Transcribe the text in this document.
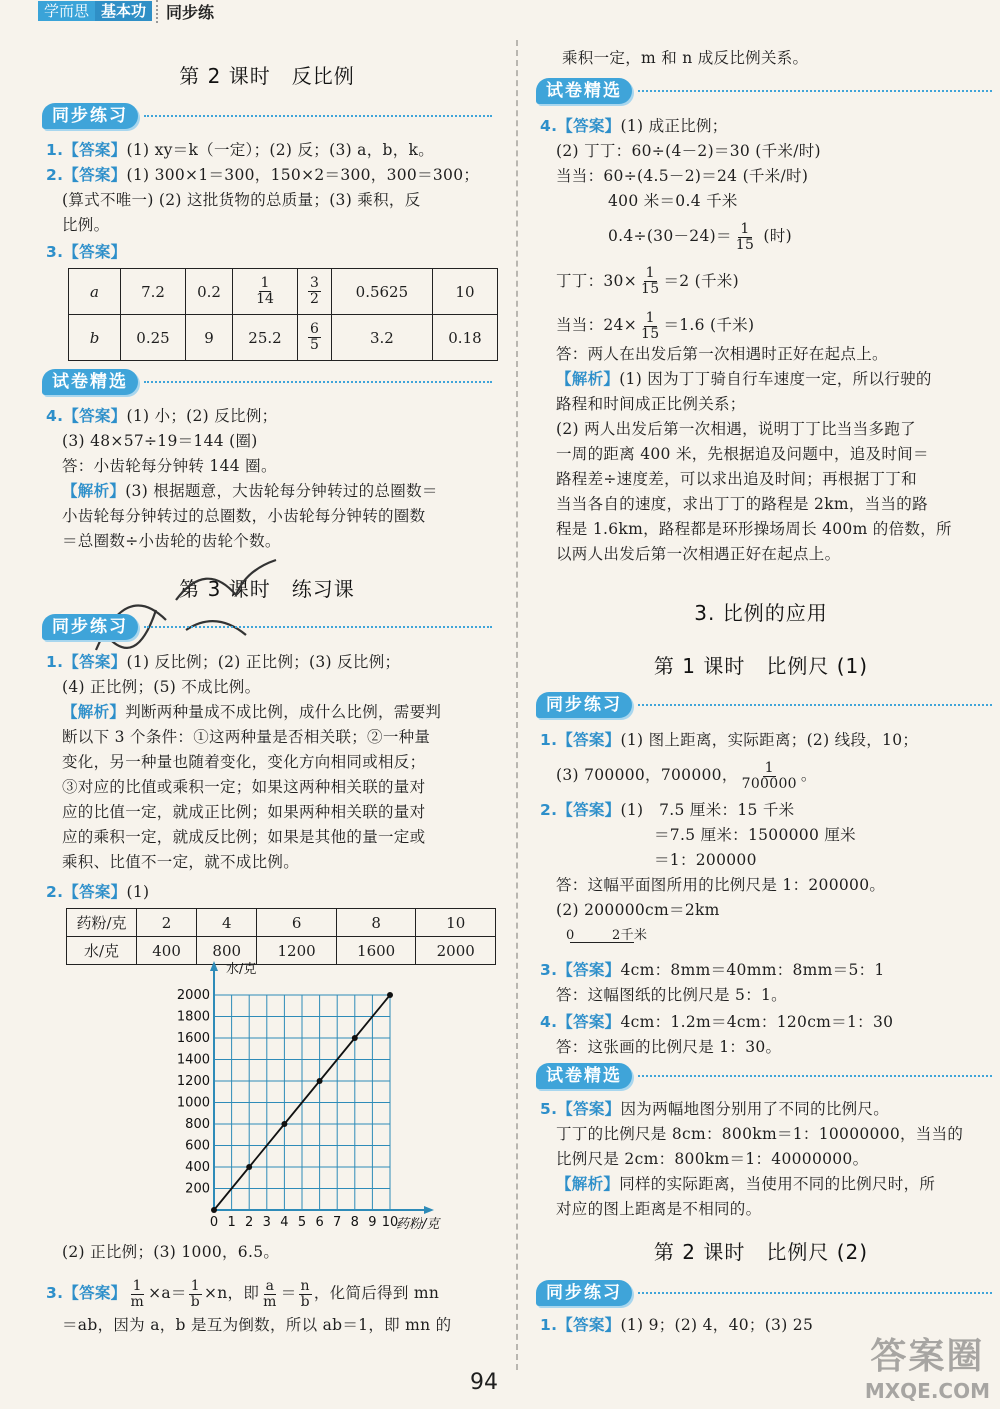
学而思 基本功	同步练
第 2 课时　反比例
同步练习
1.【答案】(1) xy＝k（一定）；(2) 反；(3) a，b，k。
2.【答案】(1) 300×1＝300，150×2＝300，300＝300；
(算式不唯一) (2) 这批货物的总质量；(3) 乘积，反
比例。
3.【答案】
a	7.2	0.2	$\frac{1}{14}$	$\frac{3}{2}$	0.5625	10
b	0.25	9	25.2	$\frac{6}{5}$	3.2	0.18
试卷精选
4.【答案】(1) 小；(2) 反比例；
(3) 48×57÷19＝144 (圈)
答：小齿轮每分钟转 144 圈。
【解析】(3) 根据题意，大齿轮每分钟转过的总圈数＝
小齿轮每分钟转过的总圈数，小齿轮每分钟转的圈数
＝总圈数÷小齿轮的齿轮个数。
第 3 课时　练习课
同步练习
1.【答案】(1) 反比例；(2) 正比例；(3) 反比例；
(4) 正比例；(5) 不成比例。
【解析】判断两种量成不成比例，成什么比例，需要判
断以下 3 个条件：①这两种量是否相关联；②一种量
变化，另一种量也随着变化，变化方向相同或相反；
③对应的比值或乘积一定；如果这两种相关联的量对
应的比值一定，就成正比例；如果两种相关联的量对
应的乘积一定，就成反比例；如果是其他的量一定或
乘积、比值不一定，就不成比例。
2.【答案】(1)
药粉/克	2	4	6	8	10
水/克	400	800	1200	1600	2000
0 1 2 3 4 5 6 7 8 9 10
200
400
600
800
1000
1200
1400
1600
1800
2000
水/克
药粉/克
(2) 正比例；(3) 1000，6.5。
3.【答案】 $\frac{1}{m} \times a= \frac{1}{b} \times n$，即 $\frac{a}{m} = \frac{n}{b}$ ，化简后得到 mn
＝ab，因为 a，b 是互为倒数，所以 ab＝1，即 mn 的
乘积一定，m 和 n 成反比例关系。
试卷精选
4.【答案】(1) 成正比例；
(2) 丁丁：60÷(4－2)＝30 (千米/时)
当当：60÷(4.5－2)＝24 (千米/时)
400 米＝0.4 千米
$0.4\div(30-24)= \frac{1}{15}$ (时)
丁丁：$30\times \frac{1}{15} =2$ (千米)
当当：$24\times \frac{1}{15} =1.6$ (千米)
答：两人在出发后第一次相遇时正好在起点上。
【解析】(1) 因为丁丁骑自行车速度一定，所以行驶的
路程和时间成正比例关系；
(2) 两人出发后第一次相遇，说明丁丁比当当多跑了
一周的距离 400 米，先根据追及问题中，追及时间＝
路程差÷速度差，可以求出追及时间；再根据丁丁和
当当各自的速度，求出丁丁的路程是 2km，当当的路
程是 1.6km，路程都是环形操场周长 400m 的倍数，所
以两人出发后第一次相遇正好在起点上。
3. 比例的应用
第 1 课时　比例尺 (1)
同步练习
1.【答案】(1) 图上距离，实际距离；(2) 线段，10；
(3) 700000，700000， $\frac{1}{700000}$ 。
2.【答案】(1)　7.5 厘米：15 千米
＝7.5 厘米：1500000 厘米
＝1：200000
答：这幅平面图所用的比例尺是 1：200000。
(2) 200000cm＝2km
0	2千米
3.【答案】4cm：8mm＝40mm：8mm＝5：1
答：这幅图纸的比例尺是 5：1。
4.【答案】4cm：1.2m＝4cm：120cm＝1：30
答：这张画的比例尺是 1：30。
试卷精选
5.【答案】因为两幅地图分别用了不同的比例尺。
丁丁的比例尺是 8cm：800km＝1：10000000，当当的
比例尺是 2cm：800km＝1：40000000。
【解析】同样的实际距离，当使用不同的比例尺时，所
对应的图上距离是不相同的。
第 2 课时　比例尺 (2)
同步练习
1.【答案】(1) 9；(2) 4，40；(3) 25
94
答案圈
MXQE.COM
